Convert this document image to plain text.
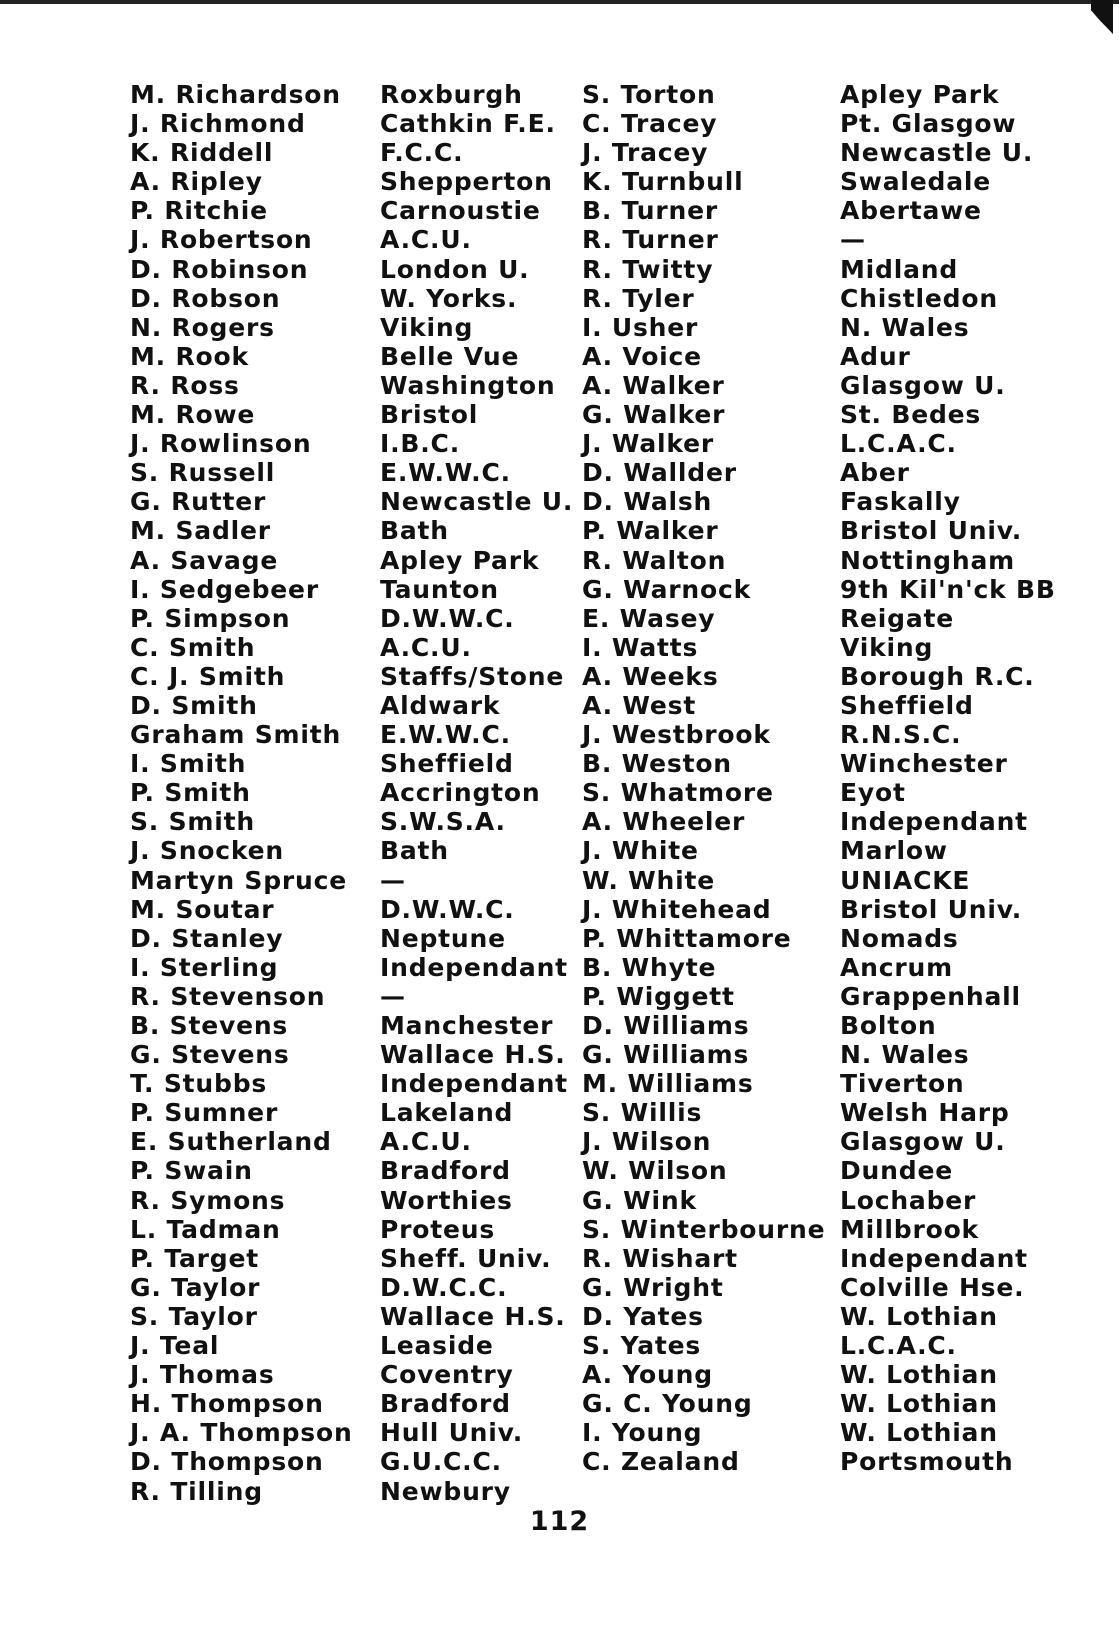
M. Richardson
J. Richmond
K. Riddell
A. Ripley
P. Ritchie
J. Robertson
D. Robinson
D. Robson
N. Rogers
M. Rook
R. Ross
M. Rowe
J. Rowlinson
S. Russell
G. Rutter
M. Sadler
A. Savage
I. Sedgebeer
P. Simpson
C. Smith
C. J. Smith
D. Smith
Graham Smith
I. Smith
P. Smith
S. Smith
J. Snocken
Martyn Spruce
M. Soutar
D. Stanley
I. Sterling
R. Stevenson
B. Stevens
G. Stevens
T. Stubbs
P. Sumner
E. Sutherland
P. Swain
R. Symons
L. Tadman
P. Target
G. Taylor
S. Taylor
J. Teal
J. Thomas
H. Thompson
J. A. Thompson
D. Thompson
R. Tilling
Roxburgh
Cathkin F.E.
F.C.C.
Shepperton
Carnoustie
A.C.U.
London U.
W. Yorks.
Viking
Belle Vue
Washington
Bristol
I.B.C.
E.W.W.C.
Newcastle U.
Bath
Apley Park
Taunton
D.W.W.C.
A.C.U.
Staffs/Stone
Aldwark
E.W.W.C.
Sheffield
Accrington
S.W.S.A.
Bath
—
D.W.W.C.
Neptune
Independant
—
Manchester
Wallace H.S.
Independant
Lakeland
A.C.U.
Bradford
Worthies
Proteus
Sheff. Univ.
D.W.C.C.
Wallace H.S.
Leaside
Coventry
Bradford
Hull Univ.
G.U.C.C.
Newbury
S. Torton
C. Tracey
J. Tracey
K. Turnbull
B. Turner
R. Turner
R. Twitty
R. Tyler
I. Usher
A. Voice
A. Walker
G. Walker
J. Walker
D. Wallder
D. Walsh
P. Walker
R. Walton
G. Warnock
E. Wasey
I. Watts
A. Weeks
A. West
J. Westbrook
B. Weston
S. Whatmore
A. Wheeler
J. White
W. White
J. Whitehead
P. Whittamore
B. Whyte
P. Wiggett
D. Williams
G. Williams
M. Williams
S. Willis
J. Wilson
W. Wilson
G. Wink
S. Winterbourne
R. Wishart
G. Wright
D. Yates
S. Yates
A. Young
G. C. Young
I. Young
C. Zealand
Apley Park
Pt. Glasgow
Newcastle U.
Swaledale
Abertawe
—
Midland
Chistledon
N. Wales
Adur
Glasgow U.
St. Bedes
L.C.A.C.
Aber
Faskally
Bristol Univ.
Nottingham
9th Kil'n'ck BB
Reigate
Viking
Borough R.C.
Sheffield
R.N.S.C.
Winchester
Eyot
Independant
Marlow
UNIACKE
Bristol Univ.
Nomads
Ancrum
Grappenhall
Bolton
N. Wales
Tiverton
Welsh Harp
Glasgow U.
Dundee
Lochaber
Millbrook
Independant
Colville Hse.
W. Lothian
L.C.A.C.
W. Lothian
W. Lothian
W. Lothian
Portsmouth
112
